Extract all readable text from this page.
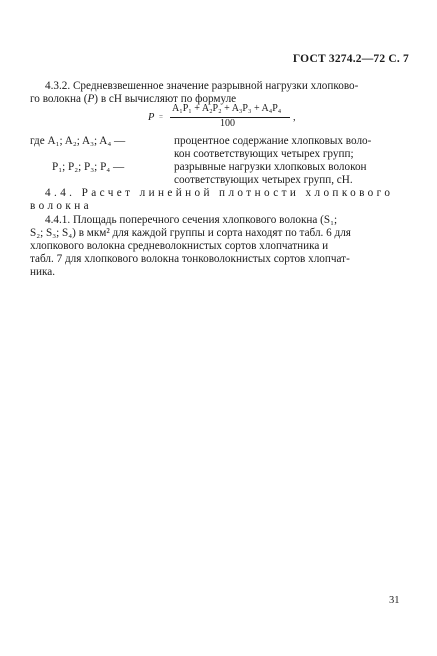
ГОСТ 3274.2—72 С. 7
4.3.2. Средневзвешенное значение разрывной нагрузки хлопково-
го волокна (P) в сН вычисляют по формуле
P =
A₁P₁ + A₂P₂ + A₃P₃ + A₄P₄
100
,
где A₁; A₂; A₃; A₄ —	процентное содержание хлопковых воло-
кон соответствующих четырех групп;
P₁; P₂; P₃; P₄ —	разрывные нагрузки хлопковых волокон
соответствующих четырех групп, сН.
4.4. Расчет линейной плотности хлопкового
волокна
4.4.1. Площадь поперечного сечения хлопкового волокна (S₁;
S₂; S₃; S₄) в мкм² для каждой группы и сорта находят по табл. 6 для
хлопкового волокна средневолокнистых сортов хлопчатника и
табл. 7 для хлопкового волокна тонковолокнистых сортов хлопчат-
ника.
31
